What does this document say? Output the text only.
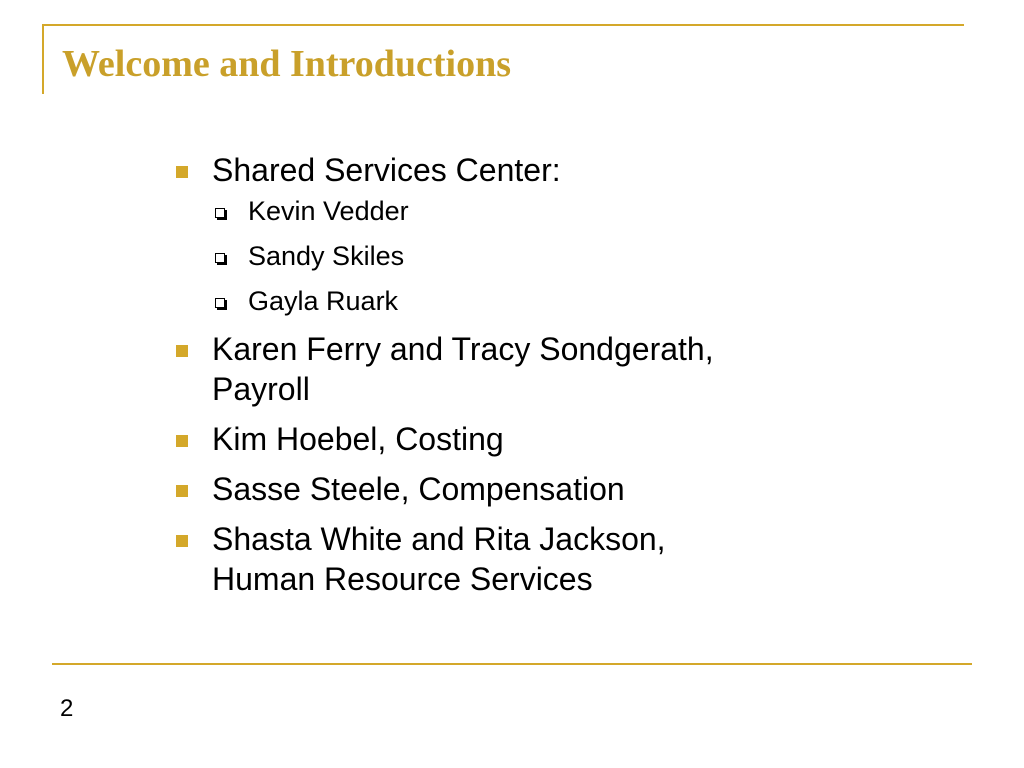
Welcome and Introductions
Shared Services Center:
Kevin Vedder
Sandy Skiles
Gayla Ruark
Karen Ferry and Tracy Sondgerath,
Payroll
Kim Hoebel, Costing
Sasse Steele, Compensation
Shasta White and Rita Jackson,
Human Resource Services
2
